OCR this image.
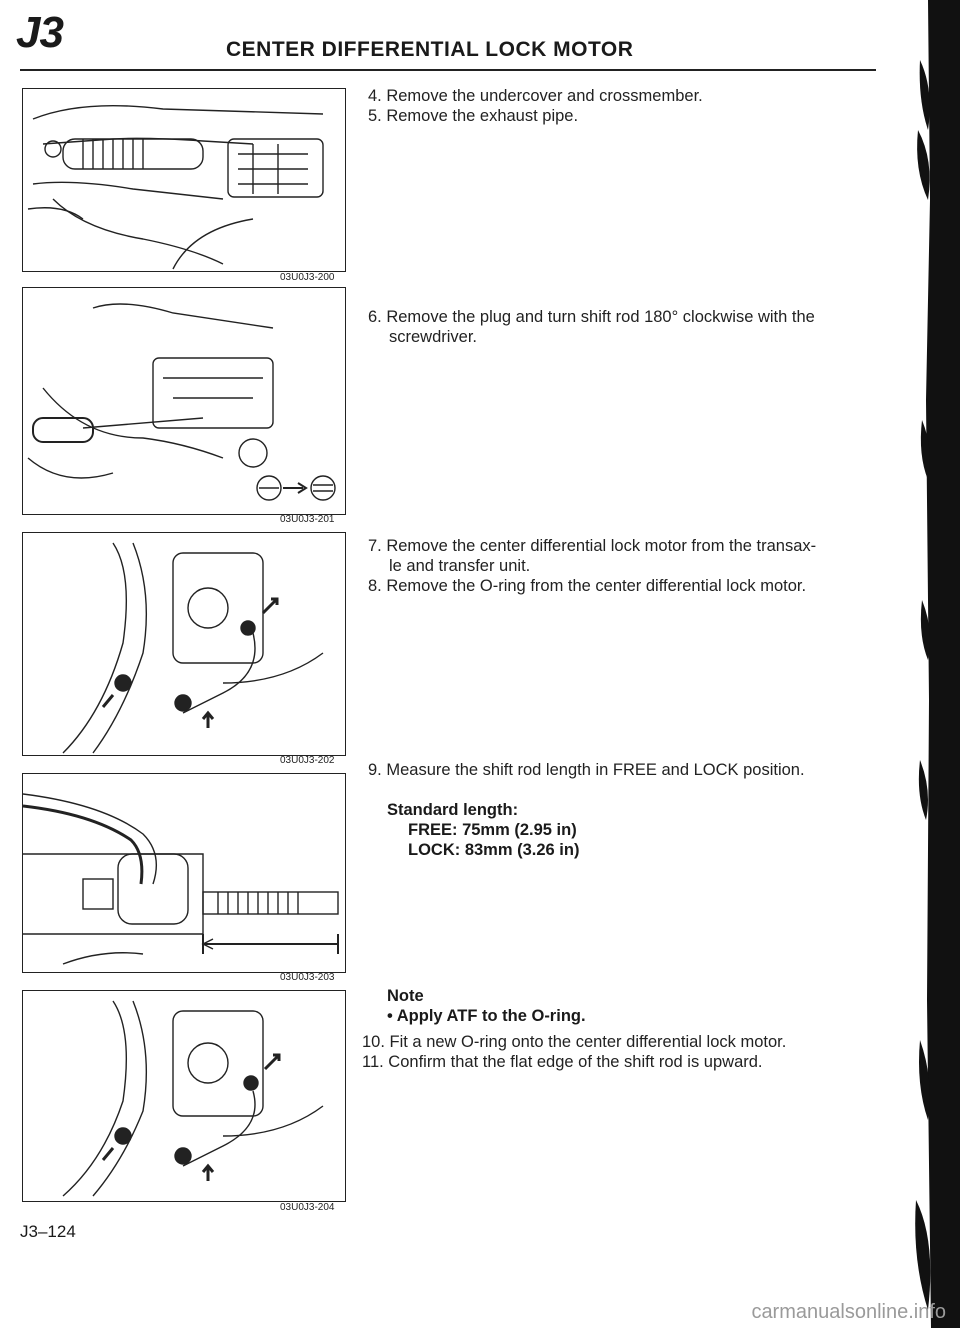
J3	CENTER DIFFERENTIAL LOCK MOTOR
03U0J3-200
03U0J3-201
03U0J3-202
03U0J3-203
03U0J3-204

4. Remove the undercover and crossmember.

5. Remove the exhaust pipe.

6. Remove the plug and turn shift rod 180° clockwise with the

screwdriver.

7. Remove the center differential lock motor from the transax-

le and transfer unit.

8. Remove the O-ring from the center differential lock motor.

9. Measure the shift rod length in FREE and LOCK position.

Standard length:
FREE: 75mm (2.95 in)
LOCK: 83mm (3.26 in)
Note
• Apply ATF to the O-ring.

10. Fit a new O-ring onto the center differential lock motor.

11. Confirm that the flat edge of the shift rod is upward.

J3–124
carmanualsonline.info
